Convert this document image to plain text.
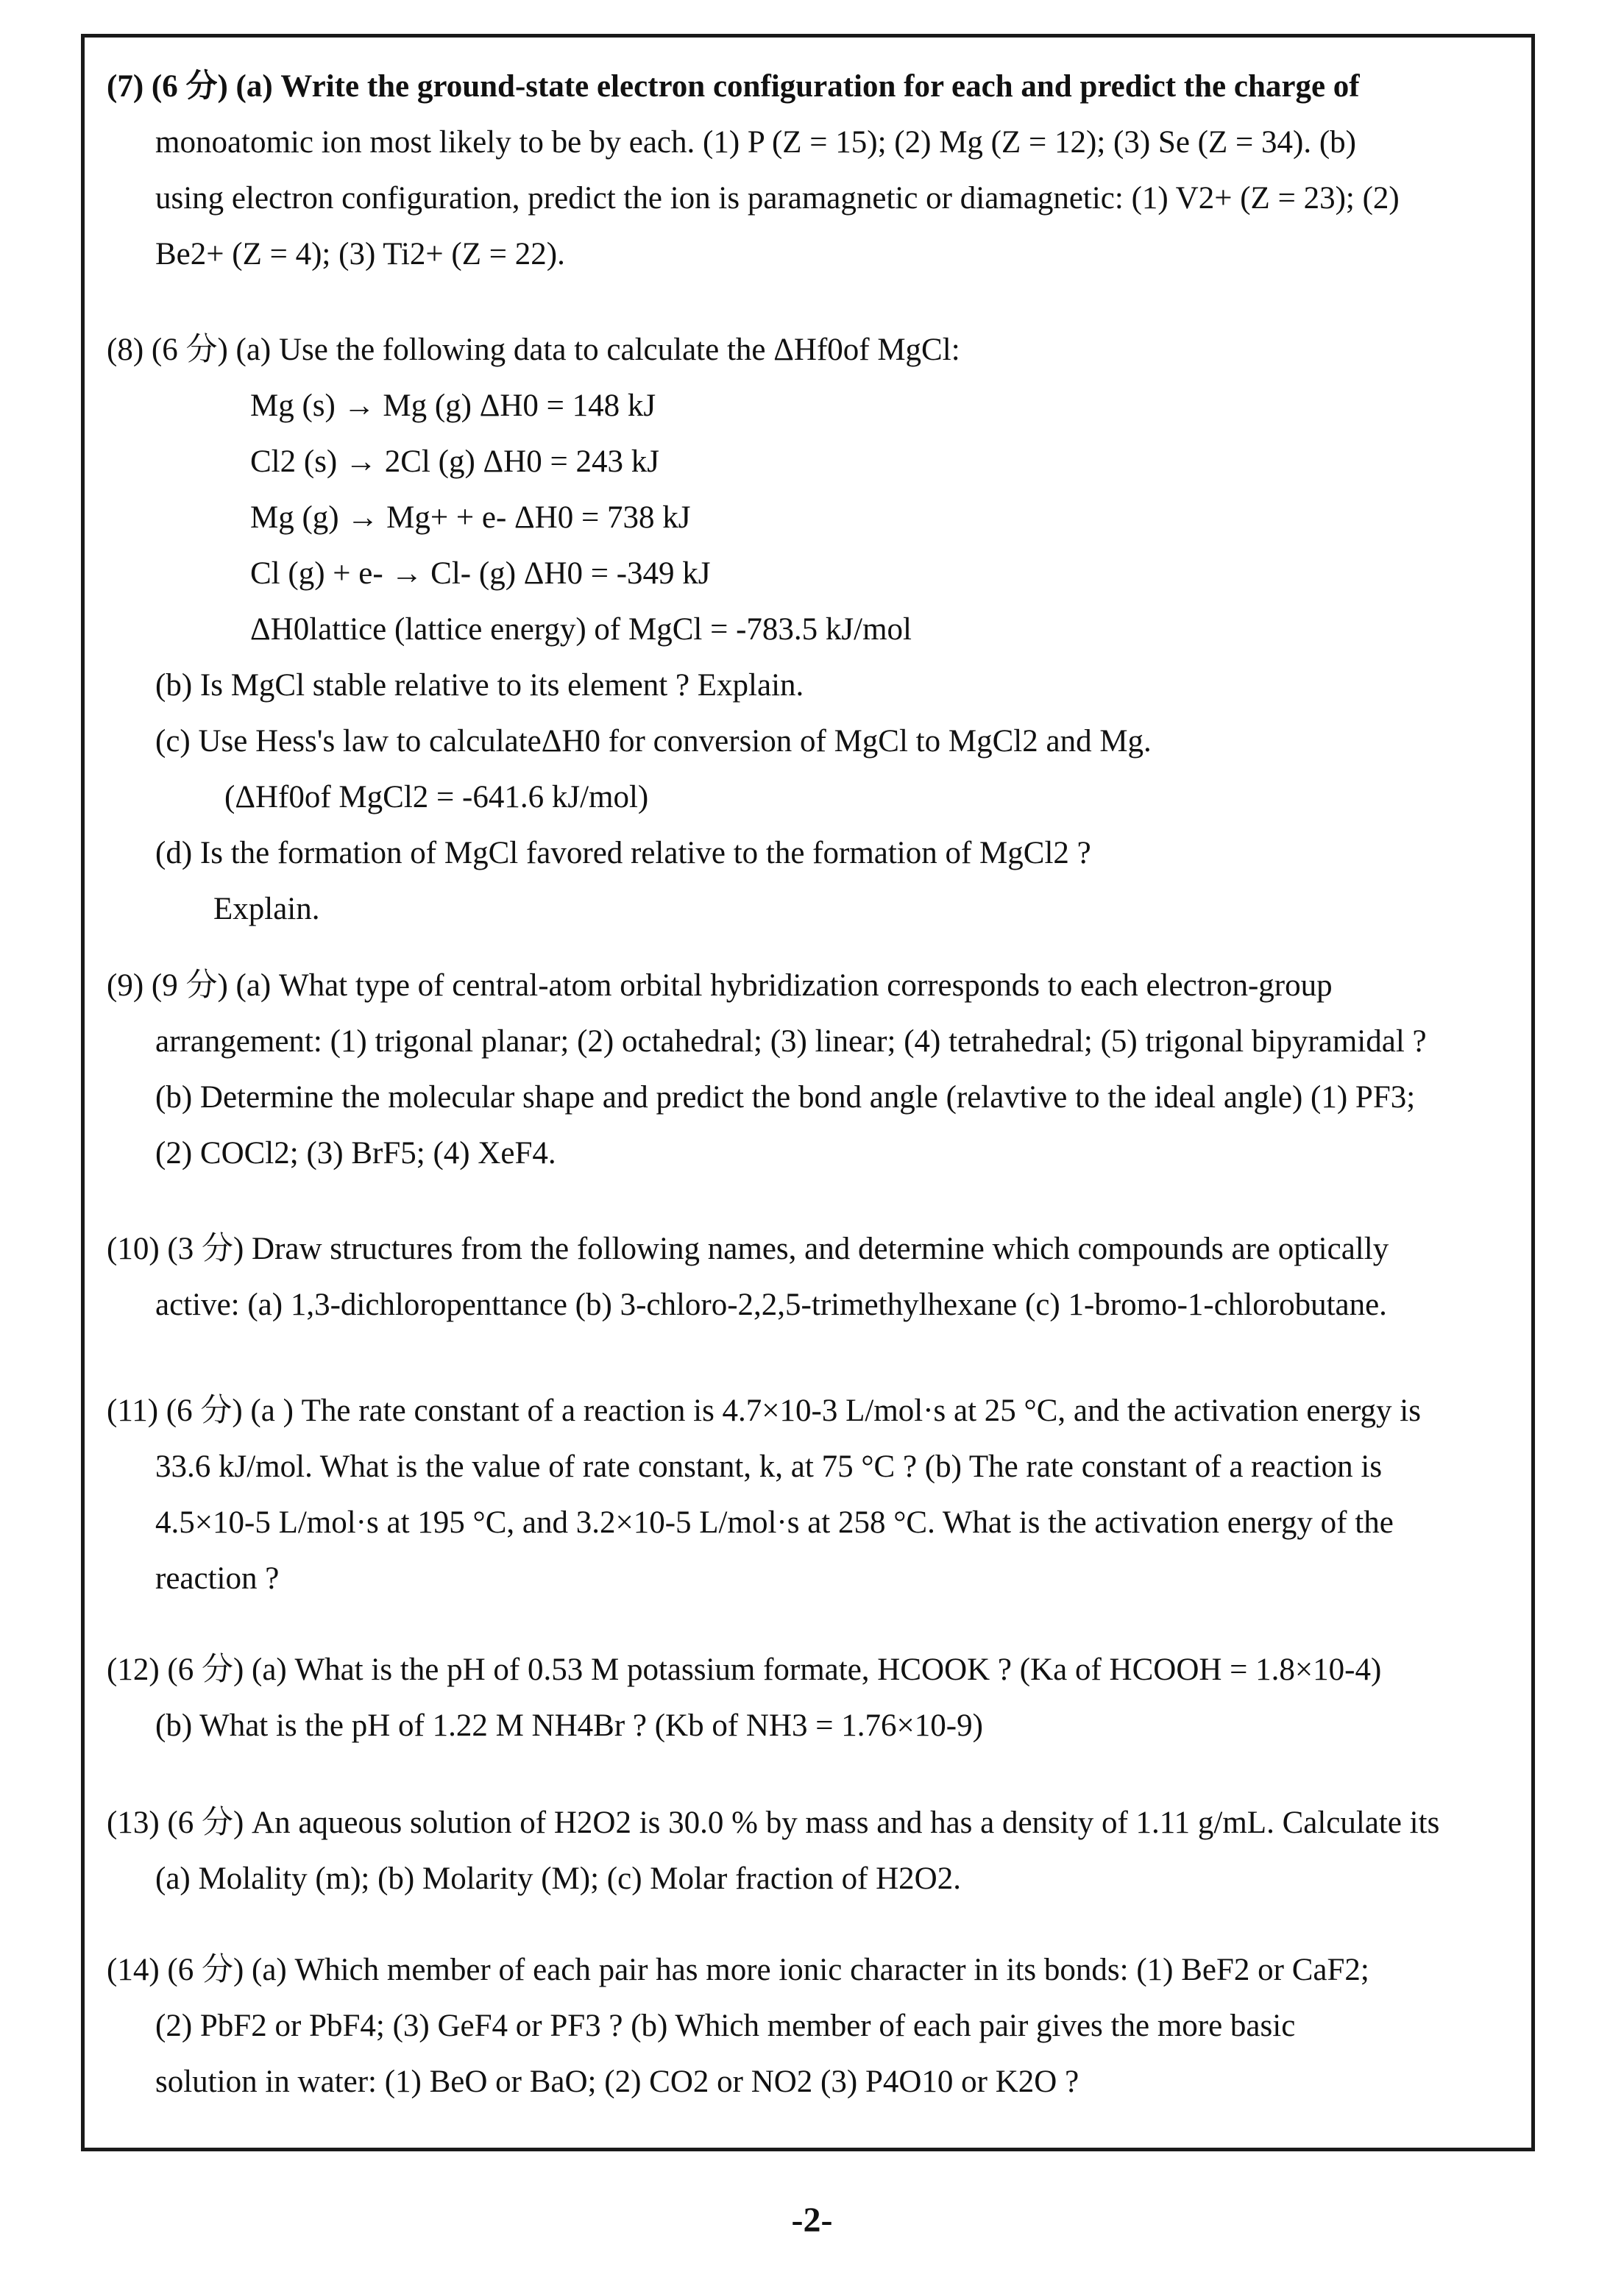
(7) (6 分) (a) Write the ground-state electron configuration for each and predict the charge of

monoatomic ion most likely to be by each. (1) P (Z = 15); (2) Mg (Z = 12); (3) Se (Z = 34). (b)

using electron configuration, predict the ion is paramagnetic or diamagnetic: (1) V2+ (Z = 23); (2)

Be2+ (Z = 4); (3) Ti2+ (Z = 22).

(8) (6 分) (a) Use the following data to calculate the ΔHf0of MgCl:

Mg (s) → Mg (g) ΔH0 = 148 kJ

Cl2 (s) → 2Cl (g) ΔH0 = 243 kJ

Mg (g) → Mg+ + e- ΔH0 = 738 kJ

Cl (g) + e- → Cl- (g) ΔH0 = -349 kJ

ΔH0lattice (lattice energy) of MgCl = -783.5 kJ/mol

(b) Is MgCl stable relative to its element ? Explain.

(c) Use Hess's law to calculateΔH0 for conversion of MgCl to MgCl2 and Mg.

(ΔHf0of MgCl2 = -641.6 kJ/mol)

(d) Is the formation of MgCl favored relative to the formation of MgCl2 ?

Explain.

(9) (9 分) (a) What type of central-atom orbital hybridization corresponds to each electron-group

arrangement: (1) trigonal planar; (2) octahedral; (3) linear; (4) tetrahedral; (5) trigonal bipyramidal ?

(b) Determine the molecular shape and predict the bond angle (relavtive to the ideal angle) (1) PF3;

(2) COCl2; (3) BrF5; (4) XeF4.

(10) (3 分) Draw structures from the following names, and determine which compounds are optically

active: (a) 1,3-dichloropenttance (b) 3-chloro-2,2,5-trimethylhexane (c) 1-bromo-1-chlorobutane.

(11) (6 分) (a ) The rate constant of a reaction is 4.7×10-3 L/mol·s at 25 °C, and the activation energy is

33.6 kJ/mol. What is the value of rate constant, k, at 75 °C ? (b) The rate constant of a reaction is

4.5×10-5 L/mol·s at 195 °C, and 3.2×10-5 L/mol·s at 258 °C. What is the activation energy of the

reaction ?

(12) (6 分) (a) What is the pH of 0.53 M potassium formate, HCOOK ? (Ka of HCOOH = 1.8×10-4)

(b) What is the pH of 1.22 M NH4Br ? (Kb of NH3 = 1.76×10-9)

(13) (6 分) An aqueous solution of H2O2 is 30.0 % by mass and has a density of 1.11 g/mL. Calculate its

(a) Molality (m); (b) Molarity (M); (c) Molar fraction of H2O2.

(14) (6 分) (a) Which member of each pair has more ionic character in its bonds: (1) BeF2 or CaF2;

(2) PbF2 or PbF4; (3) GeF4 or PF3 ? (b) Which member of each pair gives the more basic

solution in water: (1) BeO or BaO; (2) CO2 or NO2 (3) P4O10 or K2O ?

-2-
